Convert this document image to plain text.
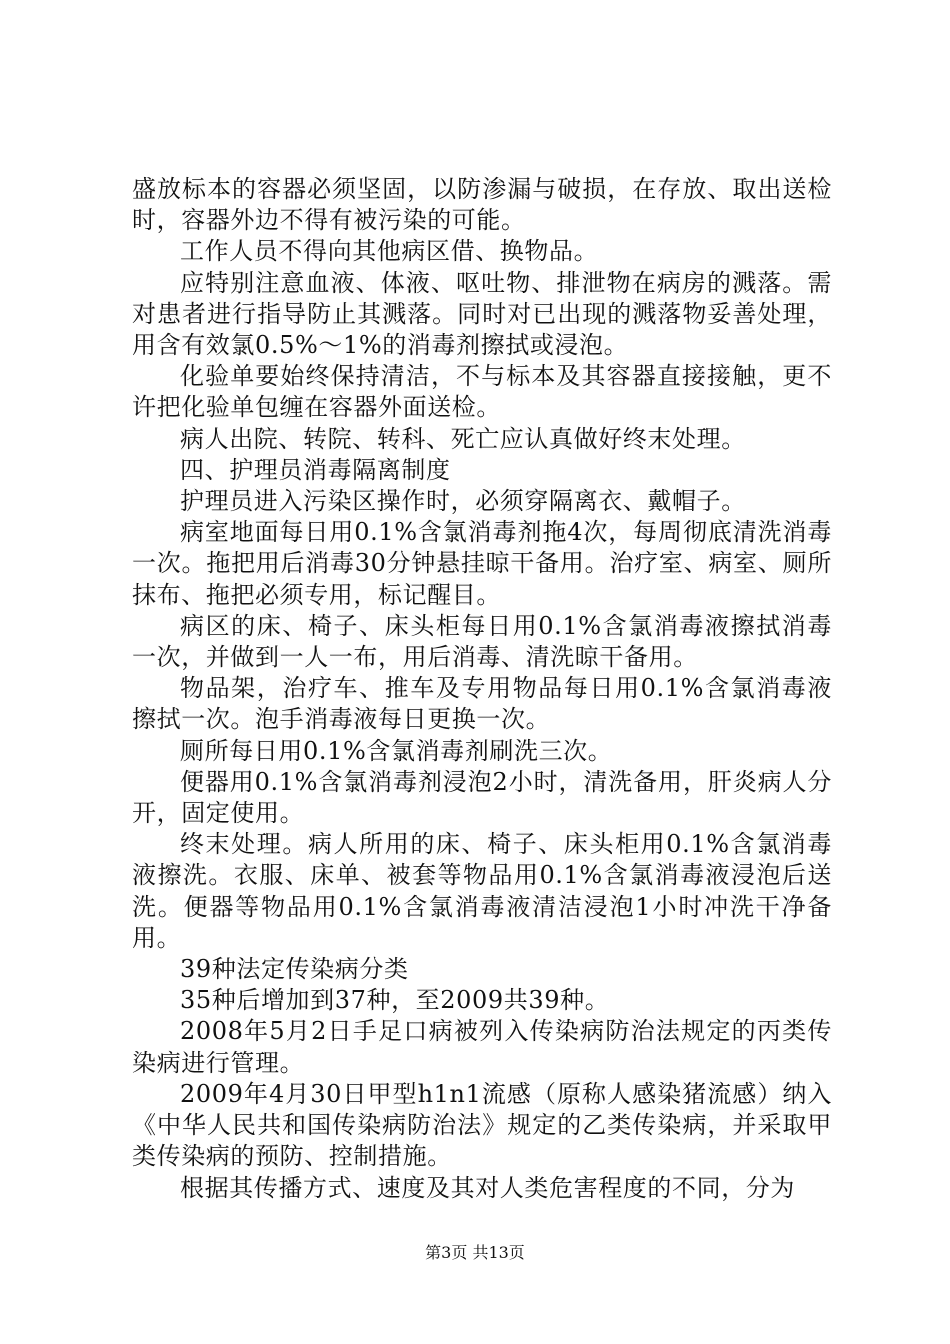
盛放标本的容器必须坚固，以防渗漏与破损，在存放、取出送检时，容器外边不得有被污染的可能。

工作人员不得向其他病区借、换物品。

应特别注意血液、体液、呕吐物、排泄物在病房的溅落。需对患者进行指导防止其溅落。同时对已出现的溅落物妥善处理，用含有效氯0.5%～1%的消毒剂擦拭或浸泡。

化验单要始终保持清洁，不与标本及其容器直接接触，更不许把化验单包缠在容器外面送检。

病人出院、转院、转科、死亡应认真做好终末处理。

四、护理员消毒隔离制度

护理员进入污染区操作时，必须穿隔离衣、戴帽子。

病室地面每日用0.1%含氯消毒剂拖4次，每周彻底清洗消毒一次。拖把用后消毒30分钟悬挂晾干备用。治疗室、病室、厕所抹布、拖把必须专用，标记醒目。

病区的床、椅子、床头柜每日用0.1%含氯消毒液擦拭消毒一次，并做到一人一布，用后消毒、清洗晾干备用。

物品架，治疗车、推车及专用物品每日用0.1%含氯消毒液擦拭一次。泡手消毒液每日更换一次。

厕所每日用0.1%含氯消毒剂刷洗三次。

便器用0.1%含氯消毒剂浸泡2小时，清洗备用，肝炎病人分开，固定使用。

终末处理。病人所用的床、椅子、床头柜用0.1%含氯消毒液擦洗。衣服、床单、被套等物品用0.1%含氯消毒液浸泡后送洗。便器等物品用0.1%含氯消毒液清洁浸泡1小时冲洗干净备用。

39种法定传染病分类

35种后增加到37种，至2009共39种。

2008年5月2日手足口病被列入传染病防治法规定的丙类传染病进行管理。

2009年4月30日甲型h1n1流感（原称人感染猪流感）纳入《中华人民共和国传染病防治法》规定的乙类传染病，并采取甲类传染病的预防、控制措施。

根据其传播方式、速度及其对人类危害程度的不同，分为

第3页 共13页
